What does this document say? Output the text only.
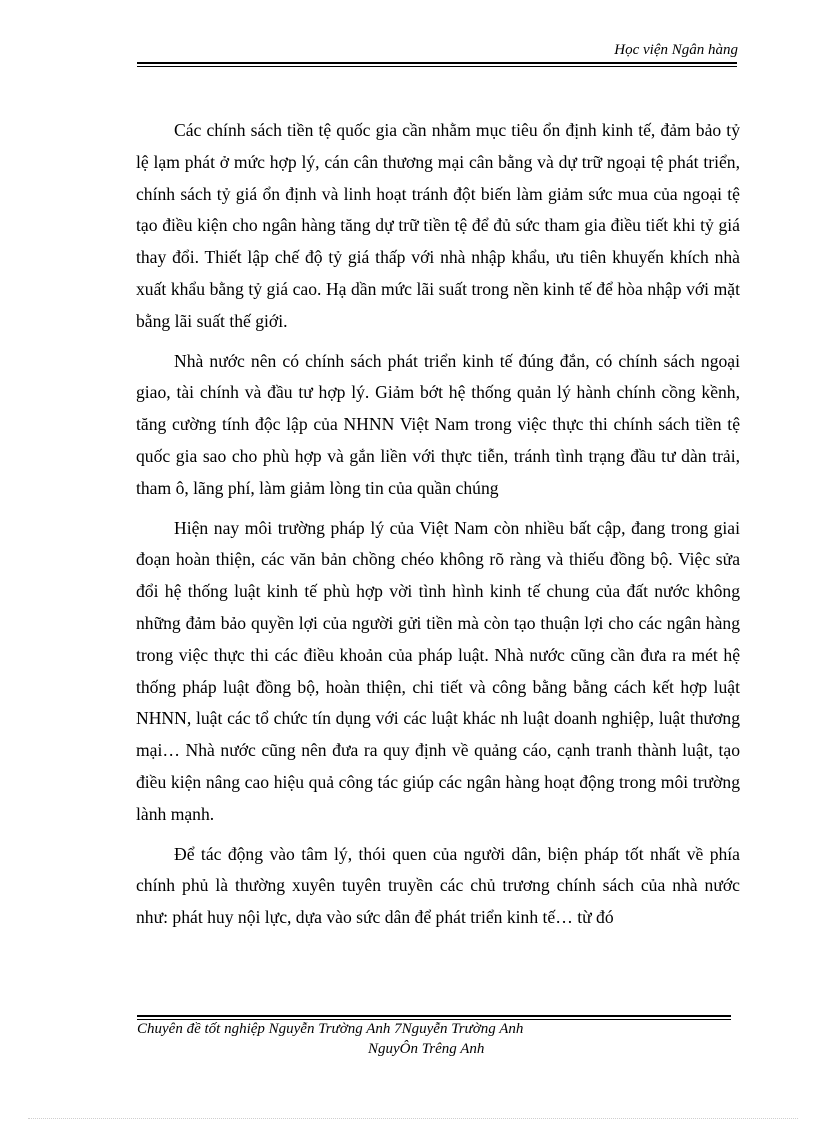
Học viện Ngân hàng

Các chính sách tiền tệ quốc gia cần nhằm mục tiêu ổn định kinh tế, đảm bảo tỷ lệ lạm phát ở mức hợp lý, cán cân thương mại cân bằng và dự trữ ngoại tệ phát triển, chính sách tỷ giá ổn định và linh hoạt tránh đột biến làm giảm sức mua của ngoại tệ tạo điều kiện cho ngân hàng tăng dự trữ tiền tệ để đủ sức tham gia điều tiết khi tỷ giá thay đổi. Thiết lập chế độ tỷ giá thấp với nhà nhập khẩu, ưu tiên khuyến khích nhà xuất khẩu bằng tỷ giá cao. Hạ dần mức lãi suất trong nền kinh tế để hòa nhập với mặt bằng lãi suất thế giới.

Nhà nước nên có chính sách phát triển kinh tế đúng đắn, có chính sách ngoại giao, tài chính và đầu tư hợp lý. Giảm bớt hệ thống quản lý hành chính cồng kềnh, tăng cường tính độc lập của NHNN Việt Nam trong việc thực thi chính sách tiền tệ quốc gia sao cho phù hợp và gắn liền với thực tiễn, tránh tình trạng đầu tư dàn trải, tham ô, lãng phí, làm giảm lòng tin của quần chúng

Hiện nay môi trường pháp lý của Việt Nam còn nhiều bất cập, đang trong giai đoạn hoàn thiện, các văn bản chồng chéo không rõ ràng và thiếu đồng bộ. Việc sửa đổi hệ thống luật kinh tế phù hợp vời tình hình kinh tế chung của đất nước không những đảm bảo quyền lợi của người gửi tiền mà còn tạo thuận lợi cho các ngân hàng trong việc thực thi các điều khoản của pháp luật. Nhà nước cũng cần đưa ra mét hệ thống pháp luật đồng bộ, hoàn thiện, chi tiết và công bằng bằng cách kết hợp luật NHNN, luật các tổ chức tín dụng với các luật khác nh luật doanh nghiệp, luật thương mại… Nhà nước cũng nên đưa ra quy định về quảng cáo, cạnh tranh thành luật, tạo điều kiện nâng cao hiệu quả công tác giúp các ngân hàng hoạt động trong môi trường lành mạnh.

Để tác động vào tâm lý, thói quen của người dân, biện pháp tốt nhất về phía chính phủ là thường xuyên tuyên truyền các chủ trương chính sách của nhà nước như: phát huy nội lực, dựa vào sức dân để phát triển kinh tế… từ đó

Chuyên đề tốt nghiệp Nguyễn Trường Anh 7Nguyễn Trường Anh
NguyÔn Trêng Anh
